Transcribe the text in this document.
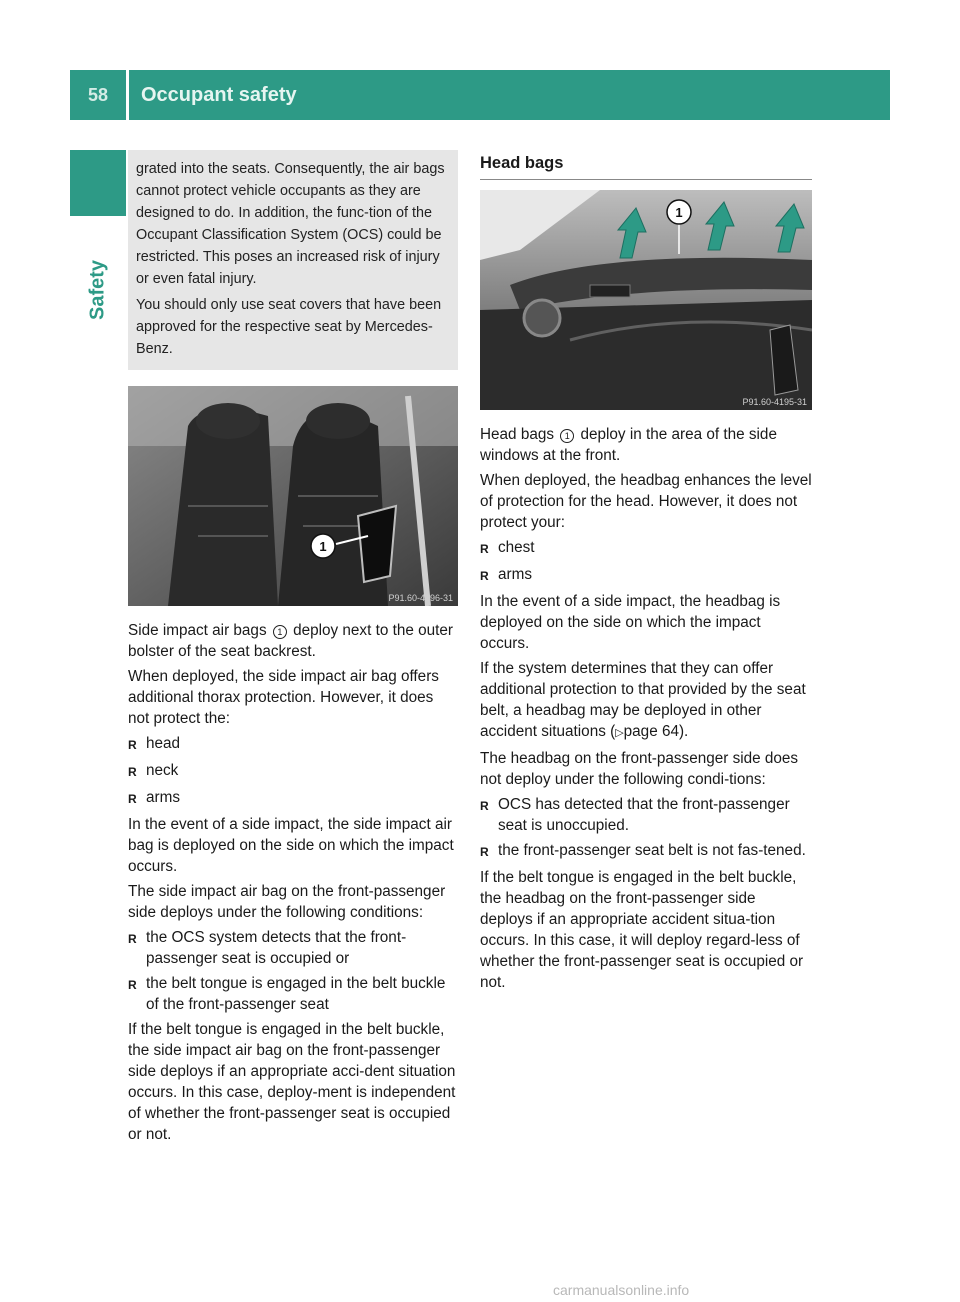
58	Occupant safety
Safety

grated into the seats. Consequently, the air bags cannot protect vehicle occupants as they are designed to do. In addition, the func-tion of the Occupant Classification System (OCS) could be restricted. This poses an increased risk of injury or even fatal injury.

You should only use seat covers that have been approved for the respective seat by Mercedes-Benz.

1
P91.60-4196-31

Side impact air bags 1 deploy next to the outer bolster of the seat backrest.

When deployed, the side impact air bag offers additional thorax protection. However, it does not protect the:

R head
R neck
R arms

In the event of a side impact, the side impact air bag is deployed on the side on which the impact occurs.

The side impact air bag on the front-passenger side deploys under the following conditions:

R the OCS system detects that the front-passenger seat is occupied or
R the belt tongue is engaged in the belt buckle of the front-passenger seat

If the belt tongue is engaged in the belt buckle, the side impact air bag on the front-passenger side deploys if an appropriate acci-dent situation occurs. In this case, deploy-ment is independent of whether the front-passenger seat is occupied or not.

Head bags
1
P91.60-4195-31

Head bags 1 deploy in the area of the side windows at the front.

When deployed, the headbag enhances the level of protection for the head. However, it does not protect your:

R chest
R arms

In the event of a side impact, the headbag is deployed on the side on which the impact occurs.

If the system determines that they can offer additional protection to that provided by the seat belt, a headbag may be deployed in other accident situations (▷page 64).

The headbag on the front-passenger side does not deploy under the following condi-tions:

R OCS has detected that the front-passenger seat is unoccupied.
R the front-passenger seat belt is not fas-tened.

If the belt tongue is engaged in the belt buckle, the headbag on the front-passenger side deploys if an appropriate accident situa-tion occurs. In this case, it will deploy regard-less of whether the front-passenger seat is occupied or not.

carmanualsonline.info
